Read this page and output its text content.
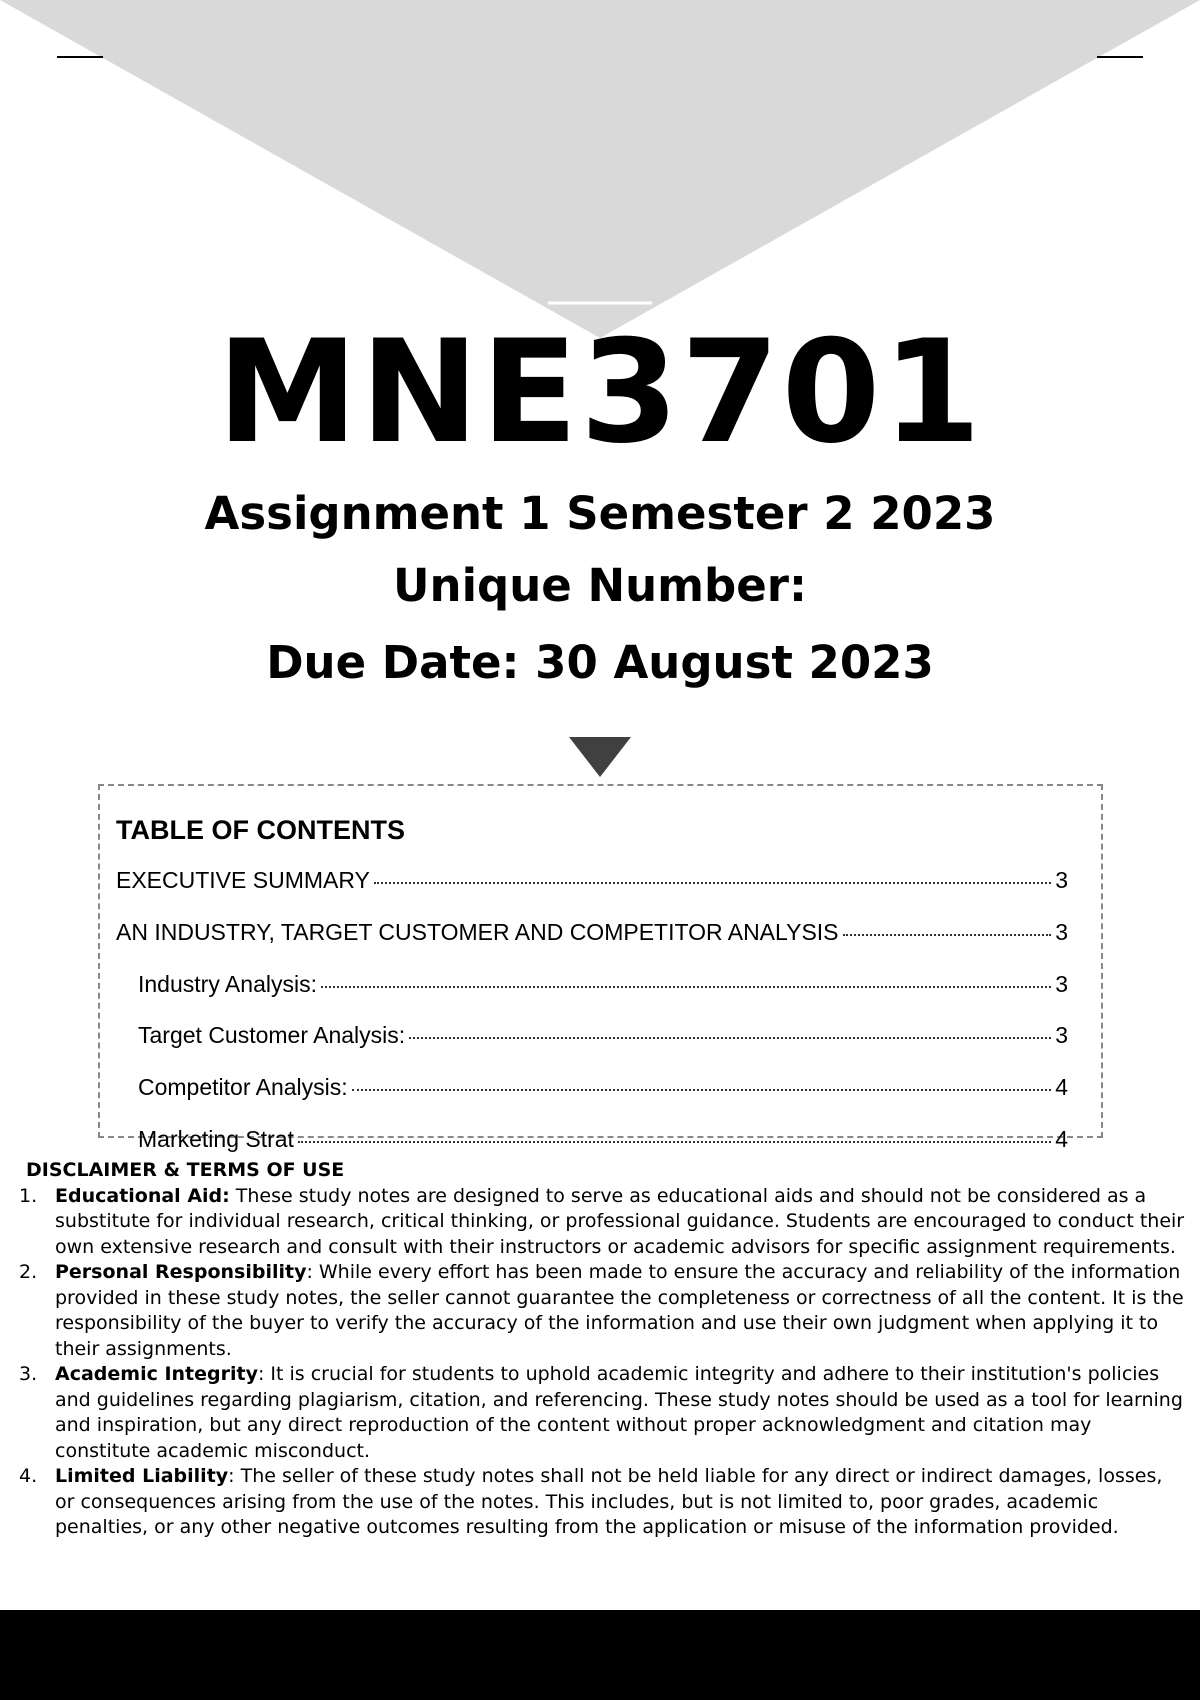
MNE3701
Assignment 1 Semester 2 2023
Unique Number:
Due Date: 30 August 2023
TABLE OF CONTENTS
EXECUTIVE SUMMARY	3
AN INDUSTRY, TARGET CUSTOMER AND COMPETITOR ANALYSIS	3
Industry Analysis:	3
Target Customer Analysis:	3
Competitor Analysis:	4
Marketing Strat	4
DISCLAIMER & TERMS OF USE
1. Educational Aid: These study notes are designed to serve as educational aids and should not be considered as a substitute for individual research, critical thinking, or professional guidance. Students are encouraged to conduct their own extensive research and consult with their instructors or academic advisors for specific assignment requirements.
2. Personal Responsibility: While every effort has been made to ensure the accuracy and reliability of the information provided in these study notes, the seller cannot guarantee the completeness or correctness of all the content. It is the responsibility of the buyer to verify the accuracy of the information and use their own judgment when applying it to their assignments.
3. Academic Integrity: It is crucial for students to uphold academic integrity and adhere to their institution's policies and guidelines regarding plagiarism, citation, and referencing. These study notes should be used as a tool for learning and inspiration, but any direct reproduction of the content without proper acknowledgment and citation may constitute academic misconduct.
4. Limited Liability: The seller of these study notes shall not be held liable for any direct or indirect damages, losses, or consequences arising from the use of the notes. This includes, but is not limited to, poor grades, academic penalties, or any other negative outcomes resulting from the application or misuse of the information provided.
